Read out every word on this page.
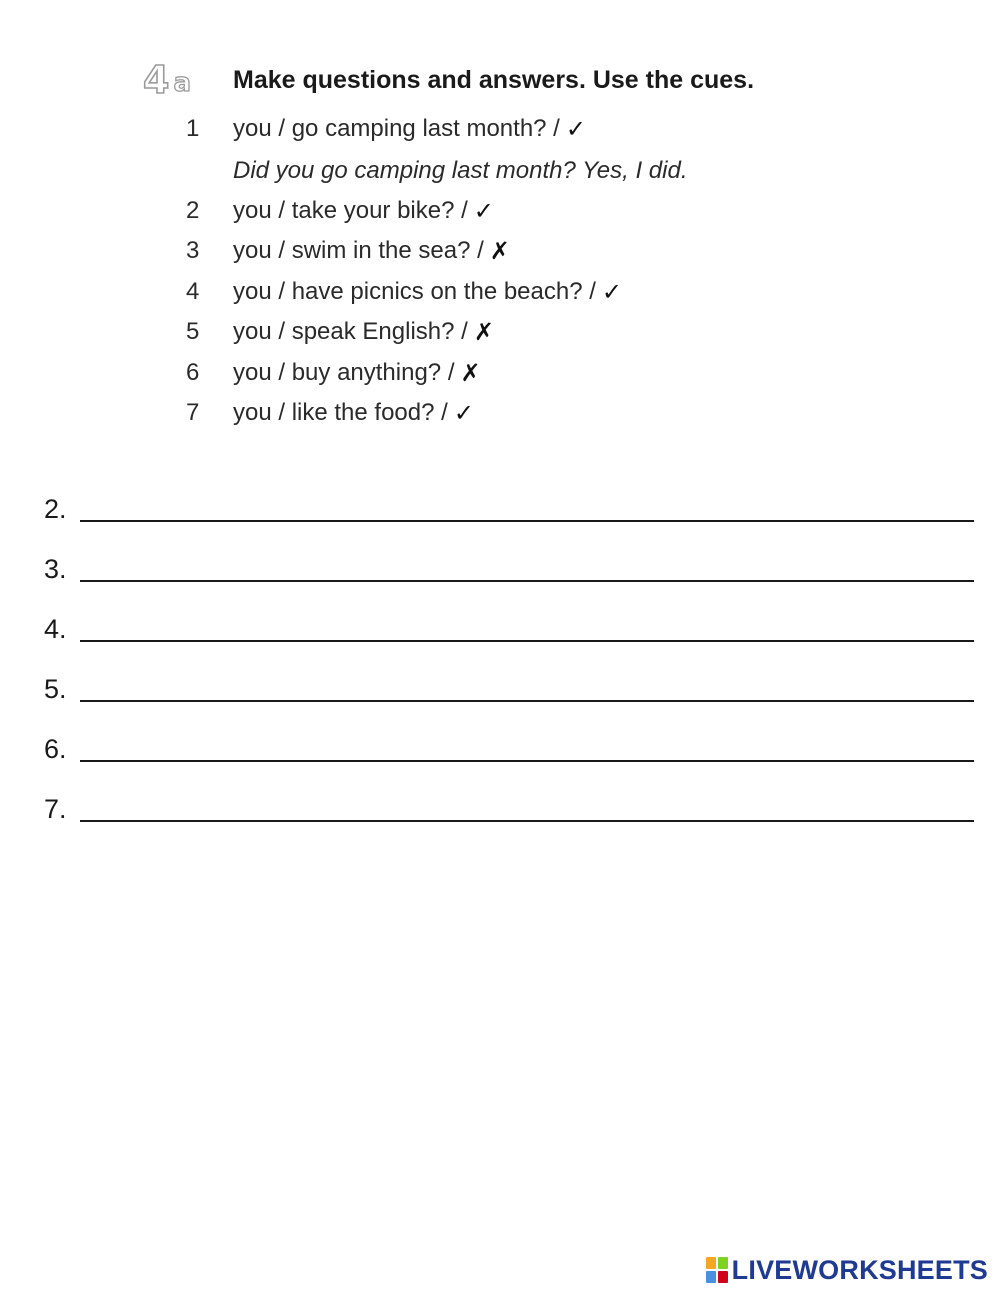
4 a Make questions and answers. Use the cues.
1	you / go camping last month? / ✓
Did you go camping last month? Yes, I did.
2	you / take your bike? / ✓
3	you / swim in the sea? / ✗
4	you / have picnics on the beach? / ✓
5	you / speak English? / ✗
6	you / buy anything? / ✗
7	you / like the food? / ✓
2.
3.
4.
5.
6.
7.
LIVEWORKSHEETS
